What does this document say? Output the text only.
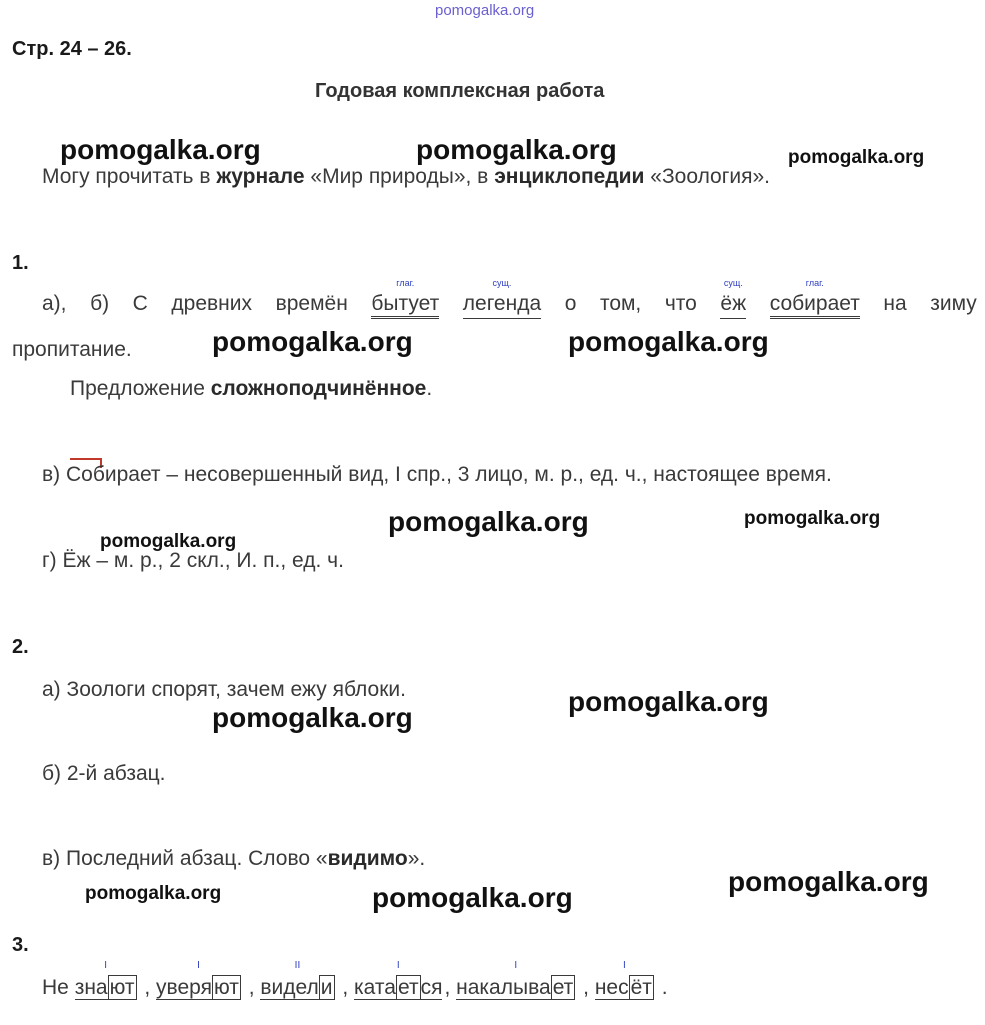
pomogalka.org
Стр. 24 – 26.
Годовая комплексная работа
pomogalka.org	pomogalka.org	pomogalka.org
Могу прочитать в журнале «Мир природы», в энциклопедии «Зоология».
1.
а), б) С древних времён
глаг.
бытует
сущ.
легенда о том, что
сущ.
ёж
глаг.
собирает на зиму
пропитание.	pomogalka.org	pomogalka.org
Предложение сложноподчинённое.
в) Собирает – несовершенный вид, I спр., 3 лицо, м. р., ед. ч., настоящее время.
pomogalka.org	pomogalka.org
pomogalka.org
г) Ёж – м. р., 2 скл., И. п., ед. ч.
2.
а) Зоологи спорят, зачем ежу яблоки.	pomogalka.org
pomogalka.org
б) 2-й абзац.
в) Последний абзац. Слово «видимо».
pomogalka.org
pomogalka.org	pomogalka.org
3.
Не
I
знают ,
I
уверяют ,
II
видели ,
I
катается,
I
накалывает ,
I
несёт .
